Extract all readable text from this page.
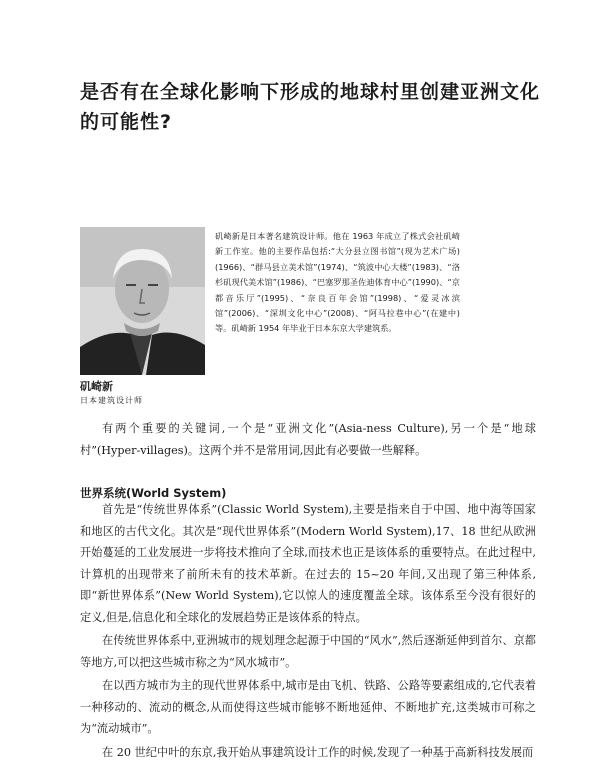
是否有在全球化影响下形成的地球村里创建亚洲文化的可能性?

矶崎新是日本著名建筑设计师。他在 1963 年成立了株式会社矶崎新工作室。他的主要作品包括:“大分县立图书馆”(现为艺术广场)(1966)、“群马县立美术馆”(1974)、“筑波中心大楼”(1983)、“洛杉矶现代美术馆”(1986)、“巴塞罗那圣佐迪体育中心”(1990)、“京都音乐厅”(1995)、“奈良百年会馆”(1998)、“爱灵冰滨馆”(2006)、“深圳文化中心”(2008)、“阿马拉巷中心”(在建中)等。矶崎新 1954 年毕业于日本东京大学建筑系。

矶崎新

日本建筑设计师

有两个重要的关键词,一个是“亚洲文化”(Asia-ness Culture),另一个是“地球村”(Hyper-villages)。这两个并不是常用词,因此有必要做一些解释。

世界系统(World System)

首先是“传统世界体系”(Classic World System),主要是指来自于中国、地中海等国家和地区的古代文化。其次是“现代世界体系”(Modern World System),17、18 世纪从欧洲开始蔓延的工业发展进一步将技术推向了全球,而技术也正是该体系的重要特点。在此过程中,计算机的出现带来了前所未有的技术革新。在过去的 15~20 年间,又出现了第三种体系,即“新世界体系”(New World System),它以惊人的速度覆盖全球。该体系至今没有很好的定义,但是,信息化和全球化的发展趋势正是该体系的特点。

在传统世界体系中,亚洲城市的规划理念起源于中国的“风水”,然后逐渐延伸到首尔、京都等地方,可以把这些城市称之为“风水城市”。

在以西方城市为主的现代世界体系中,城市是由飞机、铁路、公路等要素组成的,它代表着一种移动的、流动的概念,从而使得这些城市能够不断地延伸、不断地扩充,这类城市可称之为“流动城市”。

在 20 世纪中叶的东京,我开始从事建筑设计工作的时候,发现了一种基于高新科技发展而
